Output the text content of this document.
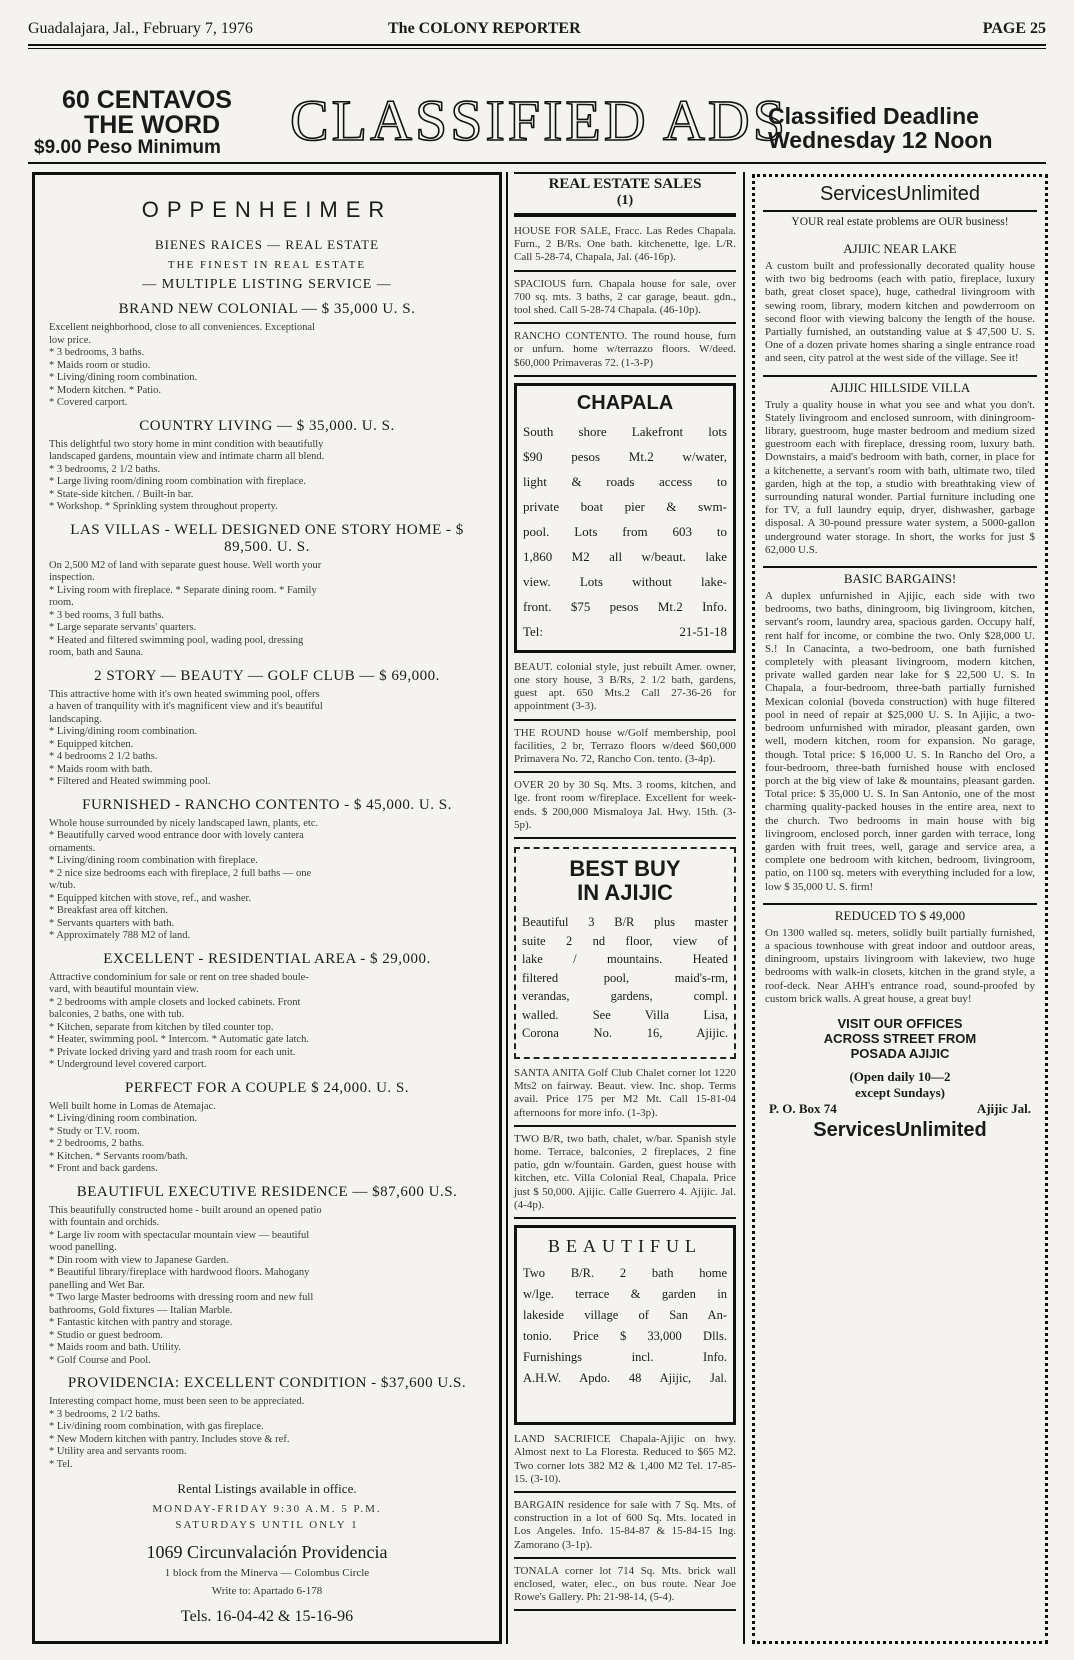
Guadalajara, Jal., February 7, 1976	The COLONY REPORTER	PAGE 25
60 CENTAVOS
THE WORD
$9.00 Peso Minimum	CLASSIFIED ADS
Classified Deadline
Wednesday 12 Noon
OPPENHEIMER
BIENES RAICES — REAL ESTATE
THE FINEST IN REAL ESTATE
— MULTIPLE LISTING SERVICE —
BRAND NEW COLONIAL — $ 35,000 U. S.
Excellent neighborhood, close to all conveniences. Exceptional
low price.
* 3 bedrooms, 3 baths.
* Maids room or studio.
* Living/dining room combination.
* Modern kitchen. * Patio.
* Covered carport.
COUNTRY LIVING — $ 35,000. U. S.
This delightful two story home in mint condition with beautifully
landscaped gardens, mountain view and intimate charm all blend.
* 3 bedrooms, 2 1/2 baths.
* Large living room/dining room combination with fireplace.
* State-side kitchen. / Built-in bar.
* Workshop. * Sprinkling system throughout property.
LAS VILLAS - WELL DESIGNED ONE STORY HOME - $ 89,500. U. S.
On 2,500 M2 of land with separate guest house. Well worth your
inspection.
* Living room with fireplace. * Separate dining room. * Family
room.
* 3 bed rooms, 3 full baths.
* Large separate servants' quarters.
* Heated and filtered swimming pool, wading pool, dressing
room, bath and Sauna.
2 STORY — BEAUTY — GOLF CLUB — $ 69,000.
This attractive home with it's own heated swimming pool, offers
a haven of tranquility with it's magnificent view and it's beautiful
landscaping.
* Living/dining room combination.
* Equipped kitchen.
* 4 bedrooms 2 1/2 baths.
* Maids room with bath.
* Filtered and Heated swimming pool.
FURNISHED - RANCHO CONTENTO - $ 45,000. U. S.
Whole house surrounded by nicely landscaped lawn, plants, etc.
* Beautifully carved wood entrance door with lovely cantera
ornaments.
* Living/dining room combination with fireplace.
* 2 nice size bedrooms each with fireplace, 2 full baths — one
w/tub.
* Equipped kitchen with stove, ref., and washer.
* Breakfast area off kitchen.
* Servants quarters with bath.
* Approximately 788 M2 of land.
EXCELLENT - RESIDENTIAL AREA - $ 29,000.
Attractive condominium for sale or rent on tree shaded boule-
vard, with beautiful mountain view.
* 2 bedrooms with ample closets and locked cabinets. Front
balconies, 2 baths, one with tub.
* Kitchen, separate from kitchen by tiled counter top.
* Heater, swimming pool. * Intercom. * Automatic gate latch.
* Private locked driving yard and trash room for each unit.
* Underground level covered carport.
PERFECT FOR A COUPLE $ 24,000. U. S.
Well built home in Lomas de Atemajac.
* Living/dining room combination.
* Study or T.V. room.
* 2 bedrooms, 2 baths.
* Kitchen. * Servants room/bath.
* Front and back gardens.
BEAUTIFUL EXECUTIVE RESIDENCE — $87,600 U.S.
This beautifully constructed home - built around an opened patio
with fountain and orchids.
* Large liv room with spectacular mountain view — beautiful
wood panelling.
* Din room with view to Japanese Garden.
* Beautiful library/fireplace with hardwood floors. Mahogany
panelling and Wet Bar.
* Two large Master bedrooms with dressing room and new full
bathrooms, Gold fixtures — Italian Marble.
* Fantastic kitchen with pantry and storage.
* Studio or guest bedroom.
* Maids room and bath. Utility.
* Golf Course and Pool.
PROVIDENCIA: EXCELLENT CONDITION - $37,600 U.S.
Interesting compact home, must been seen to be appreciated.
* 3 bedrooms, 2 1/2 baths.
* Liv/dining room combination, with gas fireplace.
* New Modern kitchen with pantry. Includes stove & ref.
* Utility area and servants room.
* Tel.
Rental Listings available in office.
MONDAY-FRIDAY 9:30 A.M. 5 P.M.
SATURDAYS UNTIL ONLY 1
1069 Circunvalación Providencia
1 block from the Minerva — Colombus Circle
Write to: Apartado 6-178
Tels. 16-04-42 & 15-16-96
REAL ESTATE SALES
(1)
HOUSE FOR SALE, Fracc. Las Redes Chapala. Furn., 2 B/Rs. One bath. kitchenette, lge. L/R. Call 5-28-74, Chapala, Jal. (46-16p).
SPACIOUS furn. Chapala house for sale, over 700 sq. mts. 3 baths, 2 car garage, beaut. gdn., tool shed. Call 5-28-74 Chapala. (46-10p).
RANCHO CONTENTO. The round house, furn or unfurn. home w/terrazzo floors. W/deed. $60,000 Primaveras 72. (1-3-P)
CHAPALA
South shore Lakefront lots
$90 pesos Mt.2 w/water,
light & roads access to
private boat pier & swm-
pool. Lots from 603 to
1,860 M2 all w/beaut. lake
view. Lots without lake-
front. $75 pesos Mt.2 Info.
Tel: 21-51-18
BEAUT. colonial style, just rebuilt Amer. owner, one story house, 3 B/Rs, 2 1/2 bath, gardens, guest apt. 650 Mts.2 Call 27-36-26 for appointment (3-3).
THE ROUND house w/Golf membership, pool facilities, 2 br, Terrazo floors w/deed $60,000 Primavera No. 72, Rancho Con. tento. (3-4p).
OVER 20 by 30 Sq. Mts. 3 rooms, kitchen, and lge. front room w/fireplace. Excellent for week-ends. $ 200,000 Mismaloya Jal. Hwy. 15th. (3-5p).
BEST BUY
IN AJIJIC
Beautiful 3 B/R plus master
suite 2 nd floor, view of
lake / mountains. Heated
filtered pool, maid's-rm,
verandas, gardens, compl.
walled. See Villa Lisa,
Corona No. 16, Ajijic.
SANTA ANITA Golf Club Chalet corner lot 1220 Mts2 on fairway. Beaut. view. Inc. shop. Terms avail. Price 175 per M2 Mt. Call 15-81-04 afternoons for more info. (1-3p).
TWO B/R, two bath, chalet, w/bar. Spanish style home. Terrace, balconies, 2 fireplaces, 2 fine patio, gdn w/fountain. Garden, guest house with kitchen, etc. Villa Colonial Real, Chapala. Price just $ 50,000. Ajijic. Calle Guerrero 4. Ajijic. Jal. (4-4p).
BEAUTIFUL
Two B/R. 2 bath home
w/lge. terrace & garden in
lakeside village of San An-
tonio. Price $ 33,000 Dlls.
Furnishings incl. Info.
A.H.W. Apdo. 48 Ajijic, Jal.
LAND SACRIFICE Chapala-Ajijic on hwy. Almost next to La Floresta. Reduced to $65 M2. Two corner lots 382 M2 & 1,400 M2 Tel. 17-85-15. (3-10).
BARGAIN residence for sale with 7 Sq. Mts. of construction in a lot of 600 Sq. Mts. located in Los Angeles. Info. 15-84-87 & 15-84-15 Ing. Zamorano (3-1p).
TONALA corner lot 714 Sq. Mts. brick wall enclosed, water, elec., on bus route. Near Joe Rowe's Gallery. Ph: 21-98-14, (5-4).
ServicesUnlimited
YOUR real estate problems are OUR business!
AJIJIC NEAR LAKE
A custom built and professionally decorated quality house with two big bedrooms (each with patio, fireplace, luxury bath, great closet space), huge, cathedral livingroom with sewing room, library, modern kitchen and powderroom on second floor with viewing balcony the length of the house. Partially furnished, an outstanding value at $ 47,500 U. S. One of a dozen private homes sharing a single entrance road and seen, city patrol at the west side of the village. See it!
AJIJIC HILLSIDE VILLA
Truly a quality house in what you see and what you don't. Stately livingroom and enclosed sunroom, with diningroom-library, guestroom, huge master bedroom and medium sized guestroom each with fireplace, dressing room, luxury bath. Downstairs, a maid's bedroom with bath, corner, in place for a kitchenette, a servant's room with bath, ultimate two, tiled garden, high at the top, a studio with breathtaking view of surrounding natural wonder. Partial furniture including one for TV, a full laundry equip, dryer, dishwasher, garbage disposal. A 30-pound pressure water system, a 5000-gallon underground water storage. In short, the works for just $ 62,000 U.S.
BASIC BARGAINS!
A duplex unfurnished in Ajijic, each side with two bedrooms, two baths, diningroom, big livingroom, kitchen, servant's room, laundry area, spacious garden. Occupy half, rent half for income, or combine the two. Only $28,000 U. S.! In Canacinta, a two-bedroom, one bath furnished completely with pleasant livingroom, modern kitchen, private walled garden near lake for $ 22,500 U. S. In Chapala, a four-bedroom, three-bath partially furnished Mexican colonial (boveda construction) with huge filtered pool in need of repair at $25,000 U. S. In Ajijic, a two-bedroom unfurnished with mirador, pleasant garden, own well, modern kitchen, room for expansion. No garage, though. Total price: $ 16,000 U. S. In Rancho del Oro, a four-bedroom, three-bath furnished house with enclosed porch at the big view of lake & mountains, pleasant garden. Total price: $ 35,000 U. S. In San Antonio, one of the most charming quality-packed houses in the entire area, next to the church. Two bedrooms in main house with big livingroom, enclosed porch, inner garden with terrace, long garden with fruit trees, well, garage and service area, a complete one bedroom with kitchen, bedroom, livingroom, patio, on 1100 sq. meters with everything included for a low, low $ 35,000 U. S. firm!
REDUCED TO $ 49,000
On 1300 walled sq. meters, solidly built partially furnished, a spacious townhouse with great indoor and outdoor areas, diningroom, upstairs livingroom with lakeview, two huge bedrooms with walk-in closets, kitchen in the grand style, a roof-deck. Near AHH's entrance road, sound-proofed by custom brick walls. A great house, a great buy!
VISIT OUR OFFICES
ACROSS STREET FROM
POSADA AJIJIC
(Open daily 10—2
except Sundays)
P. O. Box 74	Ajijic Jal.
ServicesUnlimited
